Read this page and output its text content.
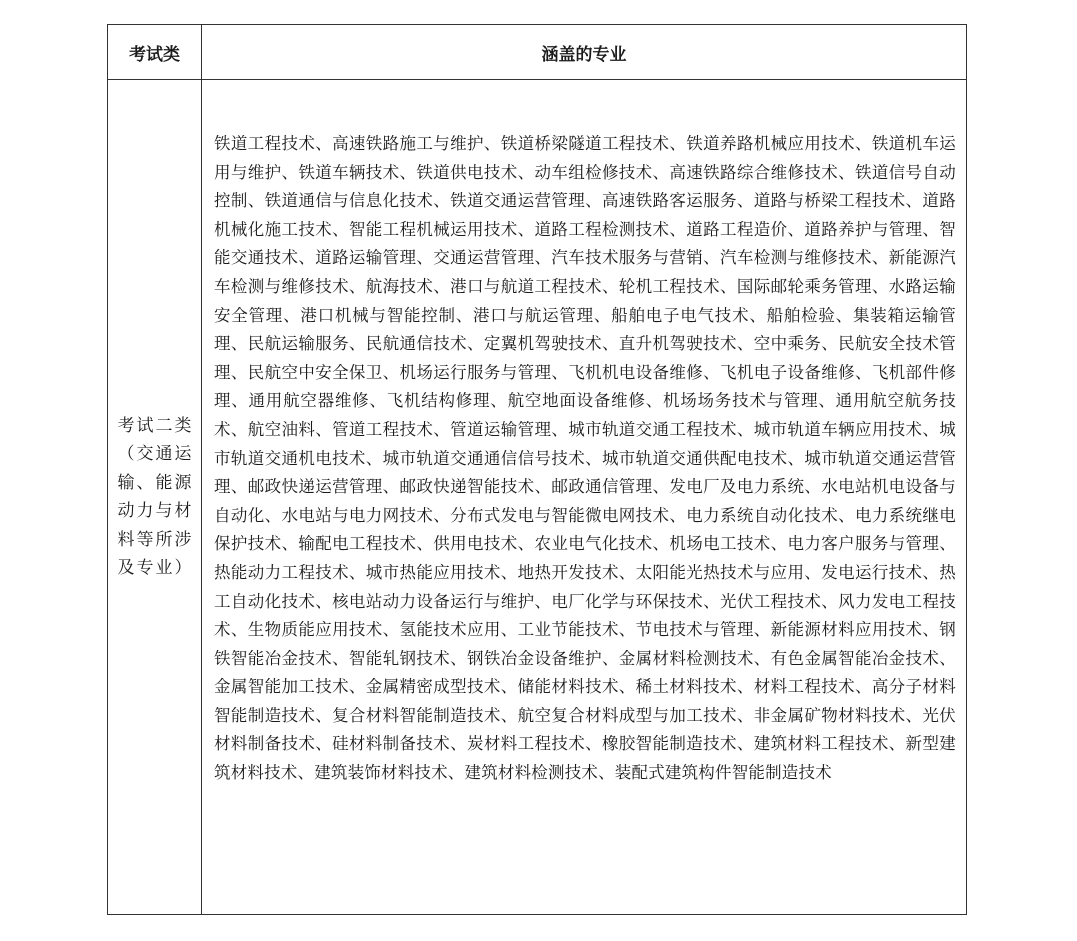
考试类	涵盖的专业
考试二类（交通运输、能源动力与材料等所涉及专业）
铁道工程技术、高速铁路施工与维护、铁道桥梁隧道工程技术、铁道养路机械应用技术、铁道机车运用与维护、铁道车辆技术、铁道供电技术、动车组检修技术、高速铁路综合维修技术、铁道信号自动控制、铁道通信与信息化技术、铁道交通运营管理、高速铁路客运服务、道路与桥梁工程技术、道路机械化施工技术、智能工程机械运用技术、道路工程检测技术、道路工程造价、道路养护与管理、智能交通技术、道路运输管理、交通运营管理、汽车技术服务与营销、汽车检测与维修技术、新能源汽车检测与维修技术、航海技术、港口与航道工程技术、轮机工程技术、国际邮轮乘务管理、水路运输安全管理、港口机械与智能控制、港口与航运管理、船舶电子电气技术、船舶检验、集装箱运输管理、民航运输服务、民航通信技术、定翼机驾驶技术、直升机驾驶技术、空中乘务、民航安全技术管理、民航空中安全保卫、机场运行服务与管理、飞机机电设备维修、飞机电子设备维修、飞机部件修理、通用航空器维修、飞机结构修理、航空地面设备维修、机场场务技术与管理、通用航空航务技术、航空油料、管道工程技术、管道运输管理、城市轨道交通工程技术、城市轨道车辆应用技术、城市轨道交通机电技术、城市轨道交通通信信号技术、城市轨道交通供配电技术、城市轨道交通运营管理、邮政快递运营管理、邮政快递智能技术、邮政通信管理、发电厂及电力系统、水电站机电设备与自动化、水电站与电力网技术、分布式发电与智能微电网技术、电力系统自动化技术、电力系统继电保护技术、输配电工程技术、供用电技术、农业电气化技术、机场电工技术、电力客户服务与管理、热能动力工程技术、城市热能应用技术、地热开发技术、太阳能光热技术与应用、发电运行技术、热工自动化技术、核电站动力设备运行与维护、电厂化学与环保技术、光伏工程技术、风力发电工程技术、生物质能应用技术、氢能技术应用、工业节能技术、节电技术与管理、新能源材料应用技术、钢铁智能冶金技术、智能轧钢技术、钢铁冶金设备维护、金属材料检测技术、有色金属智能冶金技术、金属智能加工技术、金属精密成型技术、储能材料技术、稀土材料技术、材料工程技术、高分子材料智能制造技术、复合材料智能制造技术、航空复合材料成型与加工技术、非金属矿物材料技术、光伏材料制备技术、硅材料制备技术、炭材料工程技术、橡胶智能制造技术、建筑材料工程技术、新型建筑材料技术、建筑装饰材料技术、建筑材料检测技术、装配式建筑构件智能制造技术
